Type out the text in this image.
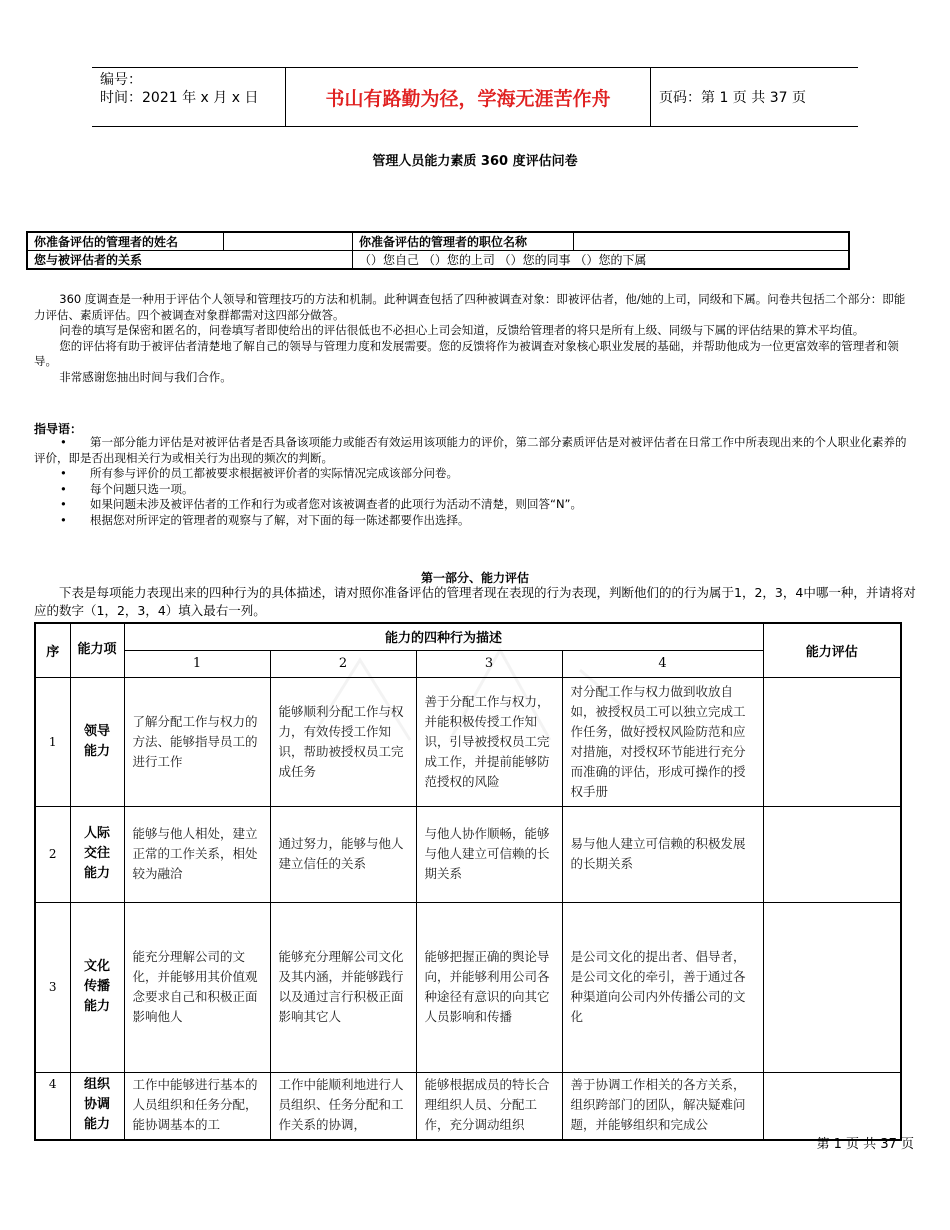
编号：
时间：2021 年 x 月 x 日	书山有路勤为径，学海无涯苦作舟	页码：第 1 页 共 37 页
管理人员能力素质 360 度评估问卷
你准备评估的管理者的姓名		你准备评估的管理者的职位名称	
您与被评估者的关系		（）您自己 （）您的上司 （）您的同事 （）您的下属	

360 度调查是一种用于评估个人领导和管理技巧的方法和机制。此种调查包括了四种被调查对象：即被评估者，他/她的上司，同级和下属。问卷共包括二个部分：即能力评估、素质评估。四个被调查对象群都需对这四部分做答。

问卷的填写是保密和匿名的，问卷填写者即使给出的评估很低也不必担心上司会知道，反馈给管理者的将只是所有上级、同级与下属的评估结果的算术平均值。

您的评估将有助于被评估者清楚地了解自己的领导与管理力度和发展需要。您的反馈将作为被调查对象核心职业发展的基础，并帮助他成为一位更富效率的管理者和领导。

非常感谢您抽出时间与我们合作。

指导语：
• 第一部分能力评估是对被评估者是否具备该项能力或能否有效运用该项能力的评价，第二部分素质评估是对被评估者在日常工作中所表现出来的个人职业化素养的评价，即是否出现相关行为或相关行为出现的频次的判断。
• 所有参与评价的员工都被要求根据被评价者的实际情况完成该部分问卷。
• 每个问题只选一项。
• 如果问题未涉及被评估者的工作和行为或者您对该被调查者的此项行为活动不清楚，则回答“N”。
• 根据您对所评定的管理者的观察与了解，对下面的每一陈述都要作出选择。
第一部分、能力评估
下表是每项能力表现出来的四种行为的具体描述，请对照你准备评估的管理者现在表现的行为表现，判断他们的的行为属于1，2，3，4中哪一种，并请将对应的数字（1，2，3，4）填入最右一列。
序	能力项	能力的四种行为描述				能力评估
		1	2	3	4	
1	领导能力	了解分配工作与权力的方法、能够指导员工的进行工作	能够顺利分配工作与权力，有效传授工作知识，帮助被授权员工完成任务	善于分配工作与权力，并能积极传授工作知识，引导被授权员工完成工作，并提前能够防范授权的风险	对分配工作与权力做到收放自如，被授权员工可以独立完成工作任务，做好授权风险防范和应对措施，对授权环节能进行充分而准确的评估，形成可操作的授权手册	
2	人际交往能力	能够与他人相处，建立正常的工作关系，相处较为融洽	通过努力，能够与他人建立信任的关系	与他人协作顺畅，能够与他人建立可信赖的长期关系	易与他人建立可信赖的积极发展的长期关系	
3	文化传播能力	能充分理解公司的文化，并能够用其价值观念要求自己和积极正面影响他人	能够充分理解公司文化及其内涵，并能够践行以及通过言行积极正面影响其它人	能够把握正确的舆论导向，并能够利用公司各种途径有意识的向其它人员影响和传播	是公司文化的提出者、倡导者，是公司文化的牵引，善于通过各种渠道向公司内外传播公司的文化	
4	组织协调能力	工作中能够进行基本的人员组织和任务分配，能协调基本的工	工作中能顺利地进行人员组织、任务分配和工作关系的协调，	能够根据成员的特长合理组织人员、分配工作，充分调动组织	善于协调工作相关的各方关系，组织跨部门的团队，解决疑难问题，并能够组织和完成公	
第 1 页 共 37 页
